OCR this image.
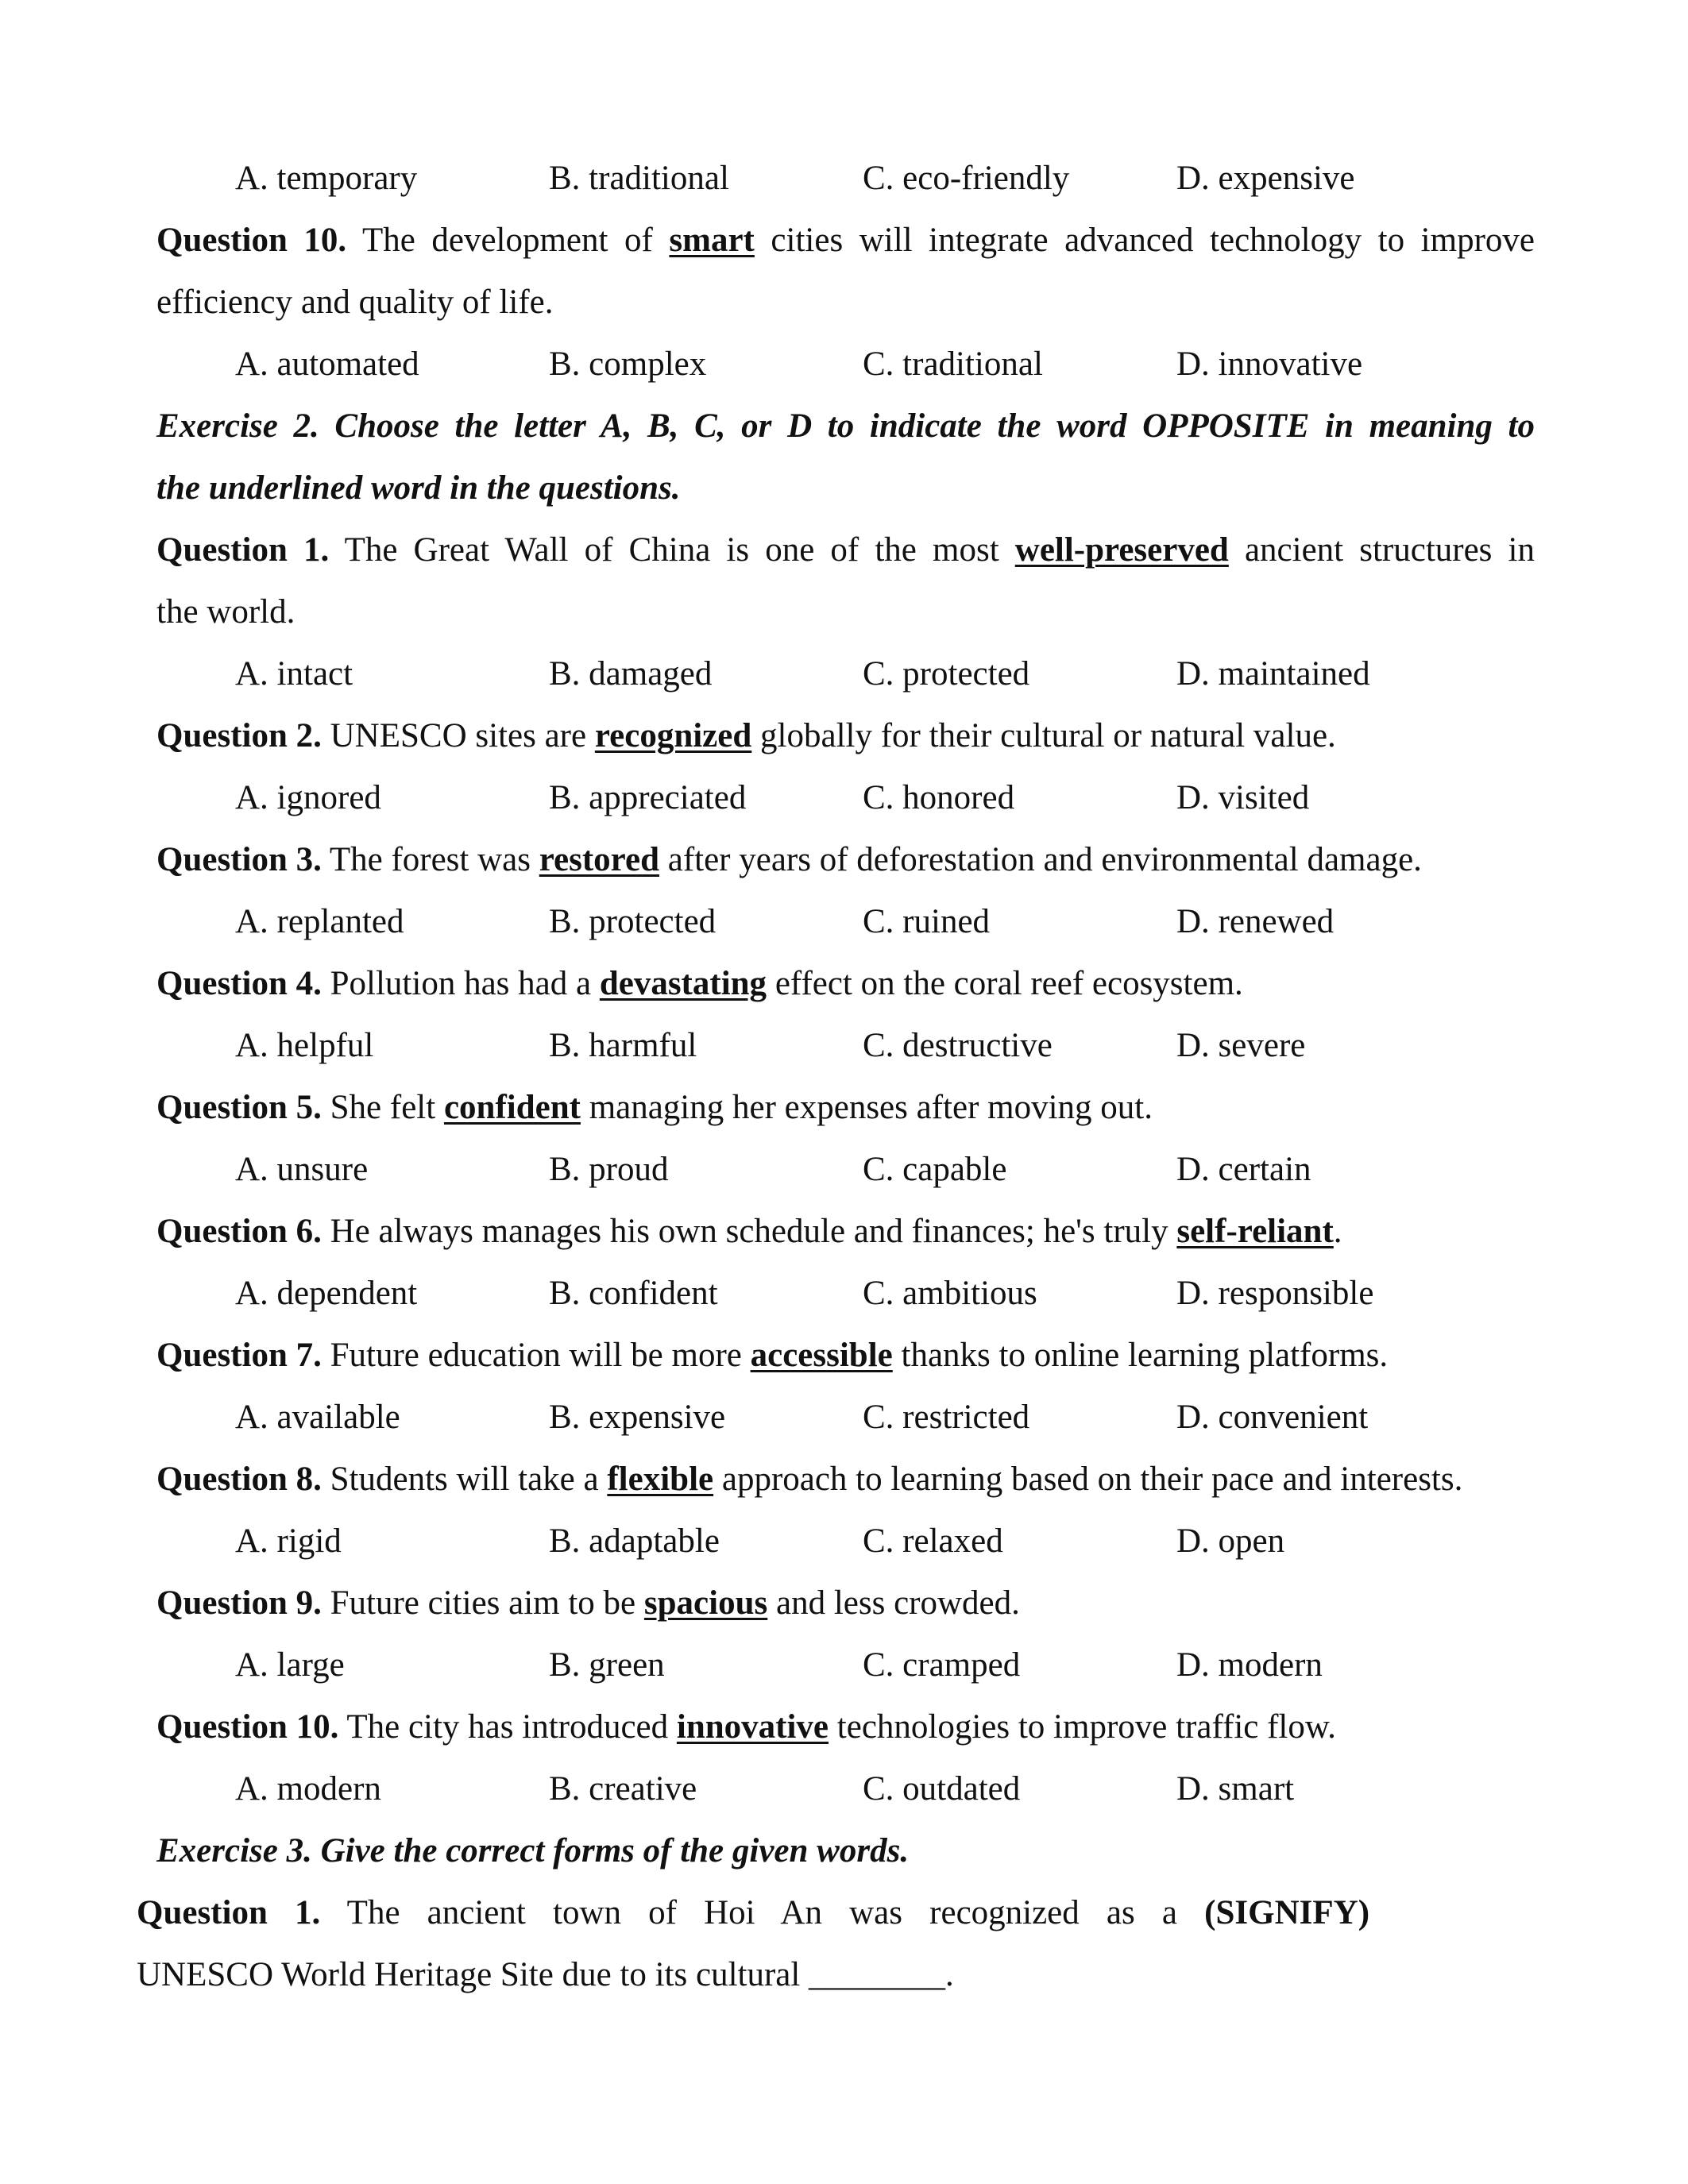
A. temporary	B. traditional	C. eco-friendly	D. expensive
Question 10. The development of smart cities will integrate advanced technology to improve
efficiency and quality of life.
A. automated	B. complex	C. traditional	D. innovative
Exercise 2. Choose the letter A, B, C, or D to indicate the word OPPOSITE in meaning to
the underlined word in the questions.
Question 1. The Great Wall of China is one of the most well-preserved ancient structures in
the world.
A. intact	B. damaged	C. protected	D. maintained
Question 2. UNESCO sites are recognized globally for their cultural or natural value.
A. ignored	B. appreciated	C. honored	D. visited
Question 3. The forest was restored after years of deforestation and environmental damage.
A. replanted	B. protected	C. ruined	D. renewed
Question 4. Pollution has had a devastating effect on the coral reef ecosystem.
A. helpful	B. harmful	C. destructive	D. severe
Question 5. She felt confident managing her expenses after moving out.
A. unsure	B. proud	C. capable	D. certain
Question 6. He always manages his own schedule and finances; he's truly self-reliant.
A. dependent	B. confident	C. ambitious	D. responsible
Question 7. Future education will be more accessible thanks to online learning platforms.
A. available	B. expensive	C. restricted	D. convenient
Question 8. Students will take a flexible approach to learning based on their pace and interests.
A. rigid	B. adaptable	C. relaxed	D. open
Question 9. Future cities aim to be spacious and less crowded.
A. large	B. green	C. cramped	D. modern
Question 10. The city has introduced innovative technologies to improve traffic flow.
A. modern	B. creative	C. outdated	D. smart
Exercise 3. Give the correct forms of the given words.
Question 1. The ancient town of Hoi An was recognized as a (SIGNIFY)
UNESCO World Heritage Site due to its cultural ________.
